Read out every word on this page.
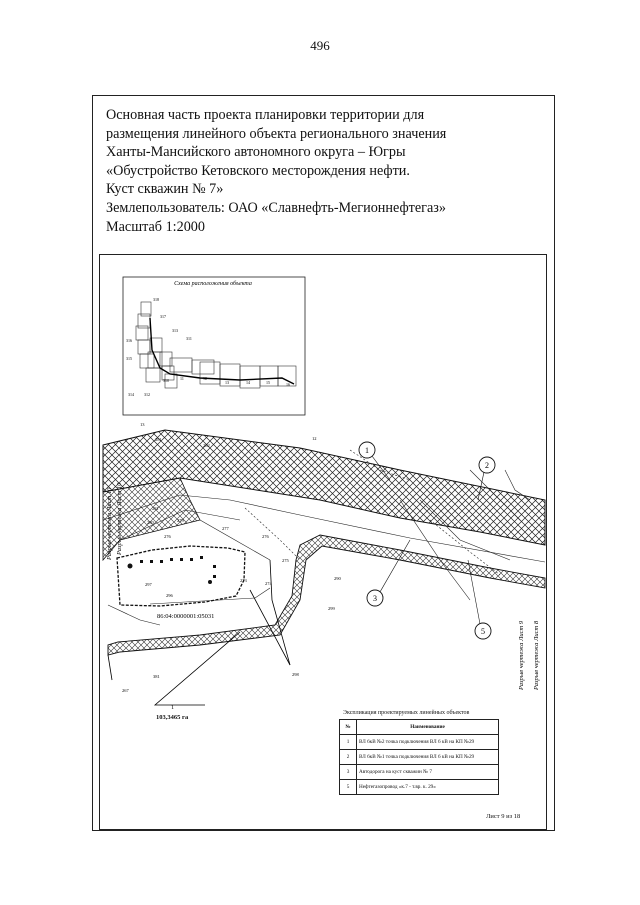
496
Основная часть проекта планировки территории для
размещения линейного объекта регионального значения
Ханты-Мансийского автономного округа – Югры
«Обустройство Кетовского месторождения нефти.
Куст скважин № 7»
Землепользователь: ОАО «Славнефть-Мегионнефтегаз»
Масштаб 1:2000
Схема расположения объекта
318
317
313
311
316
315
314	312
310	11	12
13	14	15	16
1
2
3
5
13
12
281
282
277
276
276
275
273
274
290
299
297
296
298
280	279
281
381
267
86:04:0000001:05031
Разрыв чертежа Лист 10 Разрыв чертежа Лист 10
Разрыв чертежа Лист 9 Разрыв чертежа Лист 8
1
103,3465 га
Экспликация проектируемых линейных объектов
№	Наименование
1	ВЛ 6кВ №2 точка подключения ВЛ 6 кВ на КП №29
2	ВЛ 6кВ №1 точка подключения ВЛ 6 кВ на КП №29
3	Автодорога на куст скважин № 7
5	Нефтегазопровод «к.7 - т.вр. к. 29»
Лист 9 из 18
